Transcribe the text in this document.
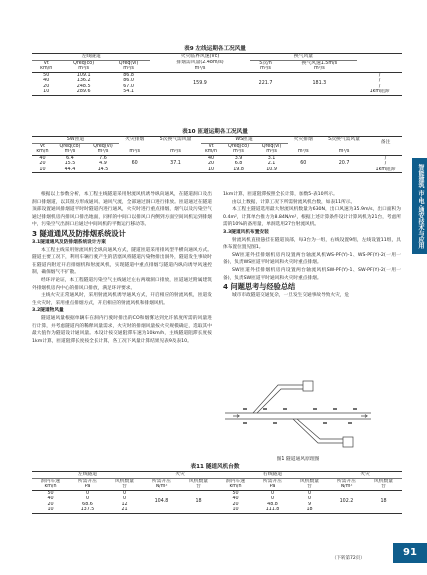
表9 左线运期各工况风量
左线隧道			火灾临界风速(Vc)	换气风量		
Vt	Qreq(co)	Qreq(vi)	排烟需风量(2.48m/s)	5次/h	换气风速1.5m/s	
km/h	m³/s	m³/s	m³/s	m³/s	m³/s	
50	109.1	86.8	159.9	221.7	181.3	/
40	136.2	86.0				/
20	248.5	67.0				/
10	289.6	54.1				1km阻滞
表10 匝道运期各工况风量
SW匝道			火灾排烟	5次换气需风量	WS匝道			火灾排烟	5次换气需风量	备注
Vt	Qreq(co)	Qreq(vi)			Vt	Qreq(co)	Qreq(vi)			
km/h	m³/s	m³/s	m³/s	m³/s	km/h	m³/s	m³/s	m³/s	m³/s	
40	6.4	7.6	60	37.1	40	3.9	3.1	60	20.7	/
20	15.5	4.9			20	6.8	2.1			/
10	44.4	14.5			10	19.8	10.9			1km阻滞

根据以上参数分析，本工程主线隧道采用射流风机诱导纵向通风，在隧道洞口及出洞口排烟道，以其很方形成通风、通风气流，全部通过洞口进行排放。匝道通过在隧道顶部设置通风排烟道平时时隧道内进行通风，火灾时进行重点排烟，烟气以及污染空气通过排烟机房内排风口排出地面，同样的中间口以排风口内侧到方面空间风机运到排烟中，污染空气出洞口后通过中间风机的平衡运行移动等。

3 隧道通风及防排烟系统设计

3.1隧道通风及防排烟系统设计方案

本工程主线采用射流风机全纵向通风方式，隧道匝道采用排风型半横向通风方式。隧道主要工况下，利用车辆行驶产生的活塞风将隧道污染物排出洞外，隧道发生事故时在隧道内附近开启排烟机和射流风机，实现隧道中重点排烟与隧道内纵向诱导风速控制，确保烟气不扩散。

经环评论证，本工程隧道污染空气主线通过左右两端洞口排放，匝道通过附属建筑外排烟机房内中心的排风口排放，满足环评要求。

主线火灾正常通风时，采用射流风机诱导通风方式，开启相应的射流风机，匝道发生火灾时，采用重点排烟方式，开启相应的射流风机和排烟风机。

3.2隧道物风量

隧道通风量根据单辆车在洞内行驶时排出的CO和烟雾达到允许浓度所需的风量进行计算，并考虑隧道内的稀释风量需求，火灾时的排烟风量按火灾规模确定，选取其中最大值作为隧道设计通风量。本设计按交通阻滞车速为10km/h，主线隧道阻滞长度按1km计算，匝道阻滞长度按全长计算，各工况下风量计算结果见表9及表10。

1km计算，匝道阻滞按照全长计算，加数5-表10所示。

由以上数据，计算工况下所需射流风机台数，如表11所示。

本工程主隧道选用最大射流风机数量为630N，出口风速为35.9m/s，出口面积为0.4m²，计算单台推力为8.84N/m²，根据上述计算条件设计计算风机为21台，考虑所需的10%的备用量，单洞选用27台射流风机。

3.3隧道风机布置安装

射流风机直接悬挂在隧道顶部，每3台为一组，右线设置9组，左线设置11组，具体布置位置见图1。

SW匝道外挂排烟机房内设置两台轴流风机WS-PF(Y)-1、WS-PF(Y)-2(一用一备)，负责WS匝道平时通风和火灾时重点排烟。

SW匝道外挂排烟机房内设置两台轴流风机SW-PF(Y)-1、SW-PF(Y)-2(一用一备)，负责SW匝道平时通风和火灾时重点排烟。

4 问题思考与经验总结

城市市政隧道交通复杂，一旦发生交通事故导致火灾，危

图1 隧道通风原理图
表11 隧道风机台数
左线隧道			火灾		右线隧道			火灾	
洞内车速	所需升压	风机数量	所需升压	风机数量	洞内车速	所需升压	风机数量	所需升压	风机数量
km/h	Pa	台	N/m²	台	km/h	Pa	台	N/m²	台
50	0	0	104.8	18	50	0	0	102.2	18
40	0	0			40	0	0		
20	68.6	12			20	48.8	9		
10	137.5	21			10	111.8	18		
（下转第72页）
智能建筑 市·电·通安技术与应用
91
